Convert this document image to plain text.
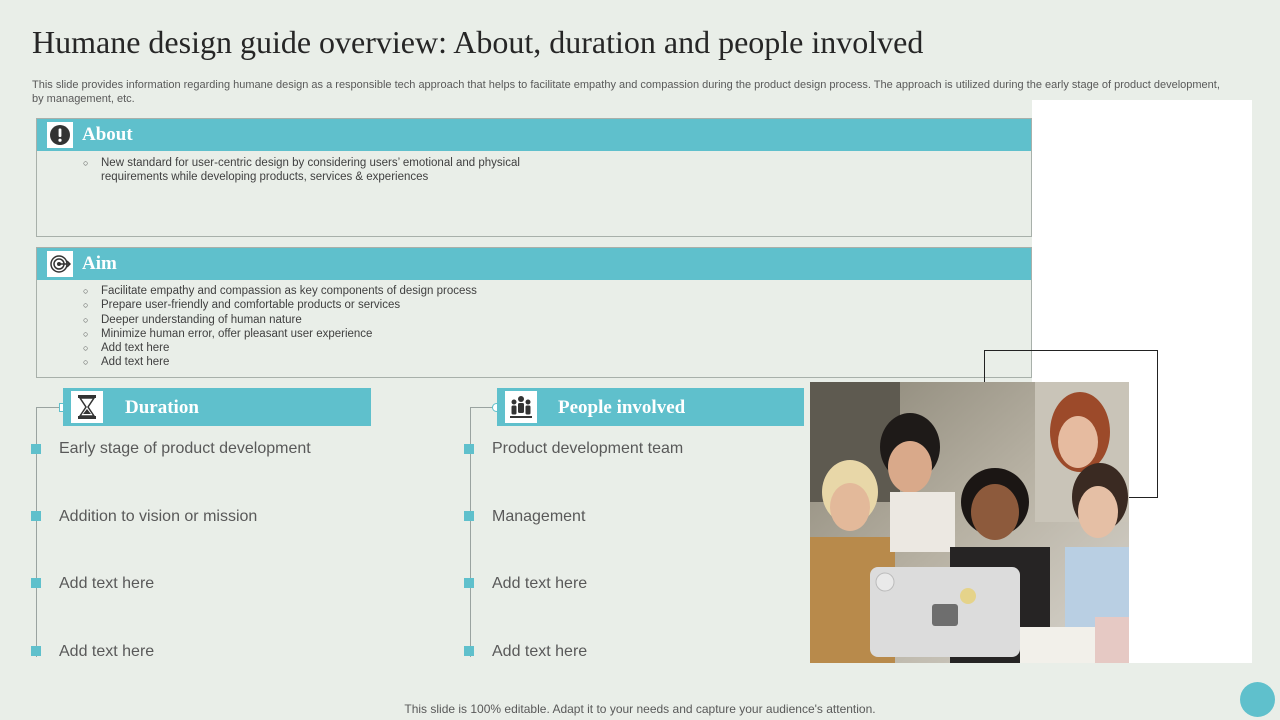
Humane design guide overview: About, duration and people involved

This slide provides information regarding humane design as a responsible tech approach that helps to facilitate empathy and compassion during the product design process. The approach is utilized during the early stage of product development, by management, etc.

About
○ New standard for user-centric design by considering users’ emotional and physical requirements while developing products, services & experiences
Aim
○ Facilitate empathy and compassion as key components of design process
○ Prepare user-friendly and comfortable products or services
○ Deeper understanding of human nature
○ Minimize human error, offer pleasant user experience
○ Add text here
○ Add text here
Duration
Early stage of product development
Addition to vision or mission
Add text here
Add text here
People involved
Product development team
Management
Add text here
Add text here
This slide is 100% editable. Adapt it to your needs and capture your audience's attention.
